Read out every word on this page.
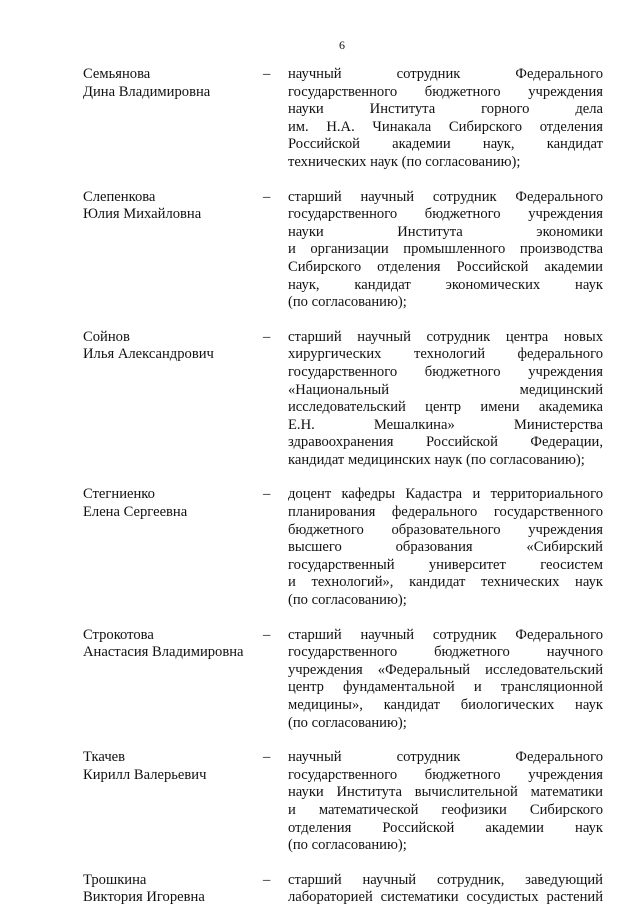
6
Семьянова
Дина Владимировна
– научный сотрудник Федерального
государственного бюджетного учреждения
науки Института горного дела
им. Н.А. Чинакала Сибирского отделения
Российской академии наук, кандидат
технических наук (по согласованию);
Слепенкова
Юлия Михайловна
– старший научный сотрудник Федерального
государственного бюджетного учреждения
науки Института экономики
и организации промышленного производства
Сибирского отделения Российской академии
наук, кандидат экономических наук
(по согласованию);
Сойнов
Илья Александрович
– старший научный сотрудник центра новых
хирургических технологий федерального
государственного бюджетного учреждения
«Национальный медицинский
исследовательский центр имени академика
Е.Н. Мешалкина» Министерства
здравоохранения Российской Федерации,
кандидат медицинских наук (по согласованию);
Стегниенко
Елена Сергеевна
– доцент кафедры Кадастра и территориального
планирования федерального государственного
бюджетного образовательного учреждения
высшего образования «Сибирский
государственный университет геосистем
и технологий», кандидат технических наук
(по согласованию);
Строкотова
Анастасия Владимировна
– старший научный сотрудник Федерального
государственного бюджетного научного
учреждения «Федеральный исследовательский
центр фундаментальной и трансляционной
медицины», кандидат биологических наук
(по согласованию);
Ткачев
Кирилл Валерьевич
– научный сотрудник Федерального
государственного бюджетного учреждения
науки Института вычислительной математики
и математической геофизики Сибирского
отделения Российской академии наук
(по согласованию);
Трошкина
Виктория Игоревна
– старший научный сотрудник, заведующий
лабораторией систематики сосудистых растений
